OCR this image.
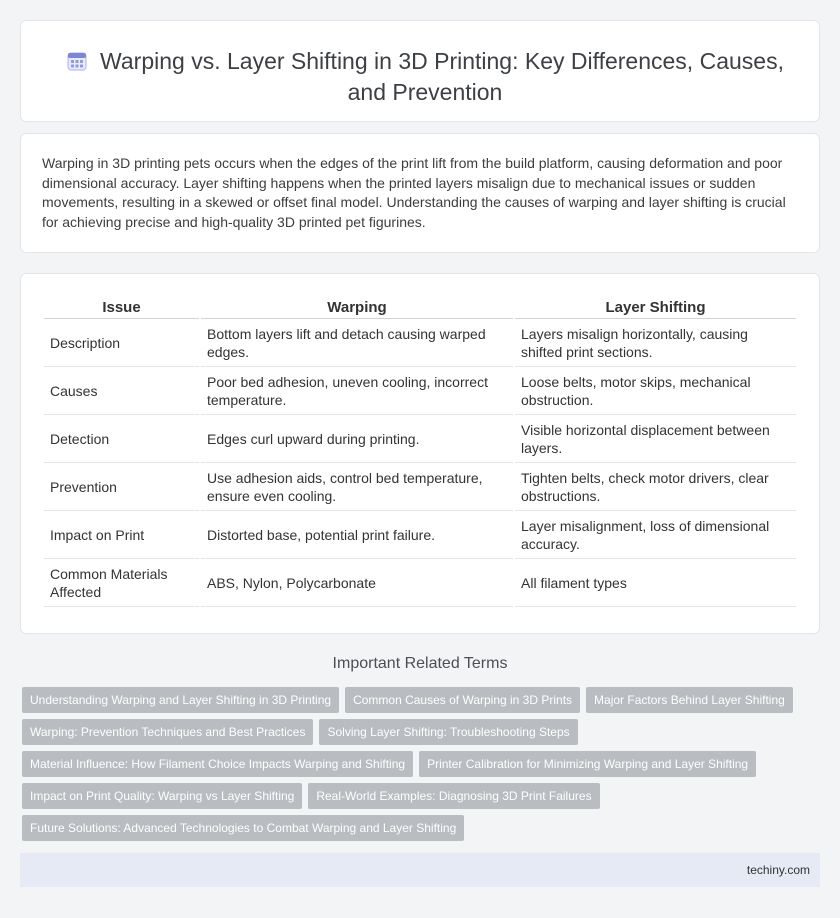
Warping vs. Layer Shifting in 3D Printing: Key Differences, Causes, and Prevention
Warping in 3D printing pets occurs when the edges of the print lift from the build platform, causing deformation and poor dimensional accuracy. Layer shifting happens when the printed layers misalign due to mechanical issues or sudden movements, resulting in a skewed or offset final model. Understanding the causes of warping and layer shifting is crucial for achieving precise and high-quality 3D printed pet figurines.
Issue	Warping	Layer Shifting
Description	Bottom layers lift and detach causing warped edges.	Layers misalign horizontally, causing shifted print sections.
Causes	Poor bed adhesion, uneven cooling, incorrect temperature.	Loose belts, motor skips, mechanical obstruction.
Detection	Edges curl upward during printing.	Visible horizontal displacement between layers.
Prevention	Use adhesion aids, control bed temperature, ensure even cooling.	Tighten belts, check motor drivers, clear obstructions.
Impact on Print	Distorted base, potential print failure.	Layer misalignment, loss of dimensional accuracy.
Common Materials Affected	ABS, Nylon, Polycarbonate	All filament types
Important Related Terms
Understanding Warping and Layer Shifting in 3D Printing	Common Causes of Warping in 3D Prints	Major Factors Behind Layer Shifting
Warping: Prevention Techniques and Best Practices	Solving Layer Shifting: Troubleshooting Steps
Material Influence: How Filament Choice Impacts Warping and Shifting	Printer Calibration for Minimizing Warping and Layer Shifting
Impact on Print Quality: Warping vs Layer Shifting	Real-World Examples: Diagnosing 3D Print Failures
Future Solutions: Advanced Technologies to Combat Warping and Layer Shifting
techiny.com
